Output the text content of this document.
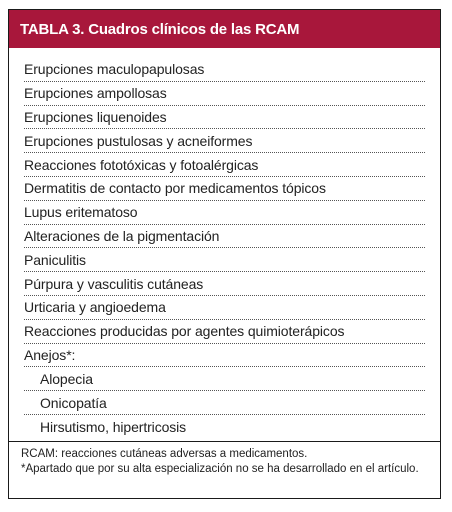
TABLA 3. Cuadros clínicos de las RCAM
Erupciones maculopapulosas
Erupciones ampollosas
Erupciones liquenoides
Erupciones pustulosas y acneiformes
Reacciones fototóxicas y fotoalérgicas
Dermatitis de contacto por medicamentos tópicos
Lupus eritematoso
Alteraciones de la pigmentación
Paniculitis
Púrpura y vasculitis cutáneas
Urticaria y angioedema
Reacciones producidas por agentes quimioterápicos
Anejos*:
Alopecia
Onicopatía
Hirsutismo, hipertricosis

RCAM: reacciones cutáneas adversas a medicamentos.

*Apartado que por su alta especialización no se ha desarrollado en el artículo.
